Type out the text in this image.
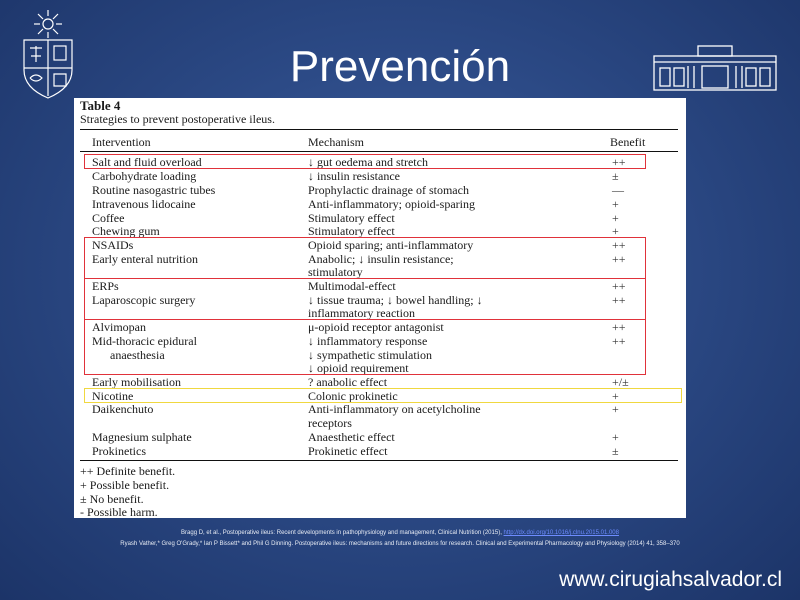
Prevención
Table 4
Strategies to prevent postoperative ileus.
Intervention	Mechanism	Benefit
Salt and fluid overload	↓ gut oedema and stretch	++
Carbohydrate loading	↓ insulin resistance	±
Routine nasogastric tubes	Prophylactic drainage of stomach	—
Intravenous lidocaine	Anti-inflammatory; opioid-sparing	+
Coffee	Stimulatory effect	+
Chewing gum	Stimulatory effect	+
NSAIDs	Opioid sparing; anti-inflammatory	++
Early enteral nutrition	Anabolic; ↓ insulin resistance;	++
stimulatory
ERPs	Multimodal-effect	++
Laparoscopic surgery	↓ tissue trauma; ↓ bowel handling; ↓	++
inflammatory reaction
Alvimopan	μ-opioid receptor antagonist	++
Mid-thoracic epidural	↓ inflammatory response	++
anaesthesia	↓ sympathetic stimulation
↓ opioid requirement
Early mobilisation	? anabolic effect	+/±
Nicotine	Colonic prokinetic	+
Daikenchuto	Anti-inflammatory on acetylcholine	+
receptors
Magnesium sulphate	Anaesthetic effect	+
Prokinetics	Prokinetic effect	±
++ Definite benefit.
+ Possible benefit.
± No benefit.
- Possible harm.
Bragg D, et al., Postoperative ileus: Recent developments in pathophysiology and management, Clinical Nutrition (2015), http://dx.doi.org/10.1016/j.clnu.2015.01.008
Ryash Vather,* Greg O'Grady,* Ian P Bissett* and Phil G Dinning. Postoperative ileus: mechanisms and future directions for research. Clinical and Experimental Pharmacology and Physiology (2014) 41, 358–370
www.cirugiahsalvador.cl
